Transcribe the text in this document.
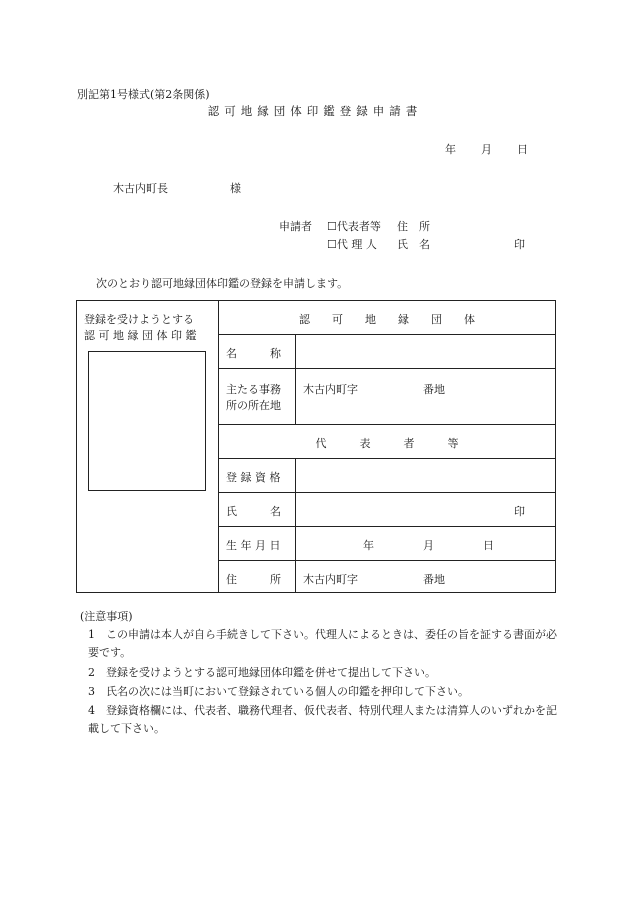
別記第1号様式(第2条関係)
認可地縁団体印鑑登録申請書
年 月 日
木古内町長	様
申請者 ☐代表者等 住　所
☐代 理 人 氏　名	印
次のとおり認可地縁団体印鑑の登録を申請します。
登録を受けようとする
認 可 地 縁 団 体 印 鑑
認　　可　　地　　縁　　団　　体
名　　　称
主たる事務
所の所在地
木古内町字	番地
代　　　表　　　者　　　等
登 録 資 格
氏　　　名	印
生 年 月 日	年	月	日
住　　　所 木古内町字	番地
(注意事項)
1　この申請は本人が自ら手続きして下さい。代理人によるときは、委任の旨を証する書面が必要です。
2　登録を受けようとする認可地縁団体印鑑を併せて提出して下さい。
3　氏名の次には当町において登録されている個人の印鑑を押印して下さい。
4　登録資格欄には、代表者、職務代理者、仮代表者、特別代理人または清算人のいずれかを記載して下さい。
